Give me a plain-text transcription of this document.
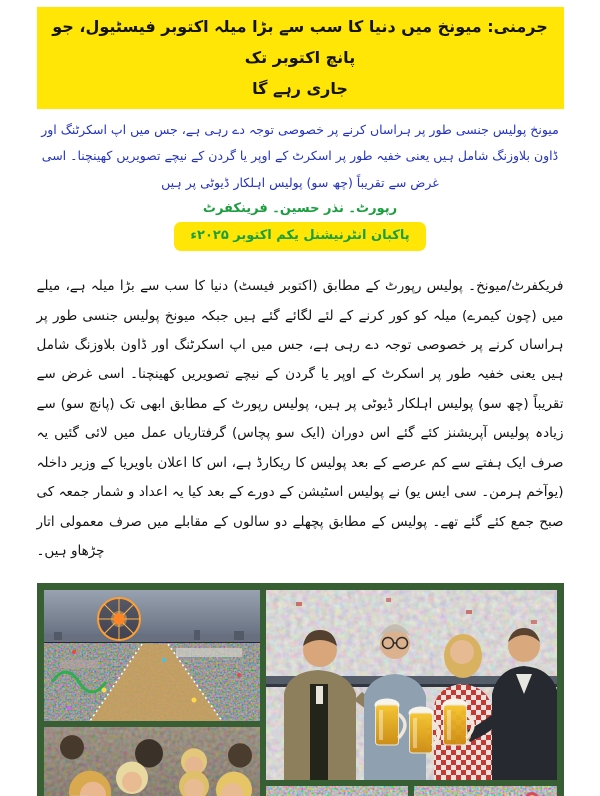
جرمنی: میونخ میں دنیا کا سب سے بڑا میلہ اکتوبر فیسٹیول، جو پانچ اکتوبر تک
جاری رہے گا
میونخ پولیس جنسی طور پر ہراساں کرنے پر خصوصی توجہ دے رہی ہے، جس میں اپ اسکرٹنگ اور ڈاون بلاوزنگ شامل ہیں یعنی خفیہ طور پر اسکرٹ کے اوپر یا گردن کے نیچے تصویریں کھینچنا۔ اسی غرض سے تقریباً (چھ سو) پولیس اہلکار ڈیوٹی پر ہیں
رپورٹ۔ نذر حسین۔ فرینکفرٹ
پاکبان انٹرنیشنل یکم اکتوبر ۲۰۲۵ء
فریکفرٹ/میونخ۔ پولیس رپورٹ کے مطابق (اکتوبر فیسٹ) دنیا کا سب سے بڑا میلہ ہے، میلے میں (چون کیمرے) میلہ کو کور کرنے کے لئے لگائے گئے ہیں جبکہ میونخ پولیس جنسی طور پر ہراساں کرنے پر خصوصی توجہ دے رہی ہے، جس میں اپ اسکرٹنگ اور ڈاون بلاوزنگ شامل ہیں یعنی خفیہ طور پر اسکرٹ کے اوپر یا گردن کے نیچے تصویریں کھینچنا۔ اسی غرض سے تقریباً (چھ سو) پولیس اہلکار ڈیوٹی پر ہیں، پولیس رپورٹ کے مطابق ابھی تک (پانچ سو) سے زیادہ پولیس آپریشنز کئے گئے اس دوران (ایک سو پچاس) گرفتاریاں عمل میں لائی گئیں یہ صرف ایک ہفتے سے کم عرصے کے بعد پولیس کا ریکارڈ ہے، اس کا اعلان باویریا کے وزیر داخلہ (یوآخم ہرمن۔ سی ایس یو) نے پولیس اسٹیشن کے دورے کے بعد کیا یہ اعداد و شمار جمعہ کی صبح جمع کئے گئے تھے۔ پولیس کے مطابق پچھلے دو سالوں کے مقابلے میں صرف معمولی اتار چڑھاو ہیں۔
